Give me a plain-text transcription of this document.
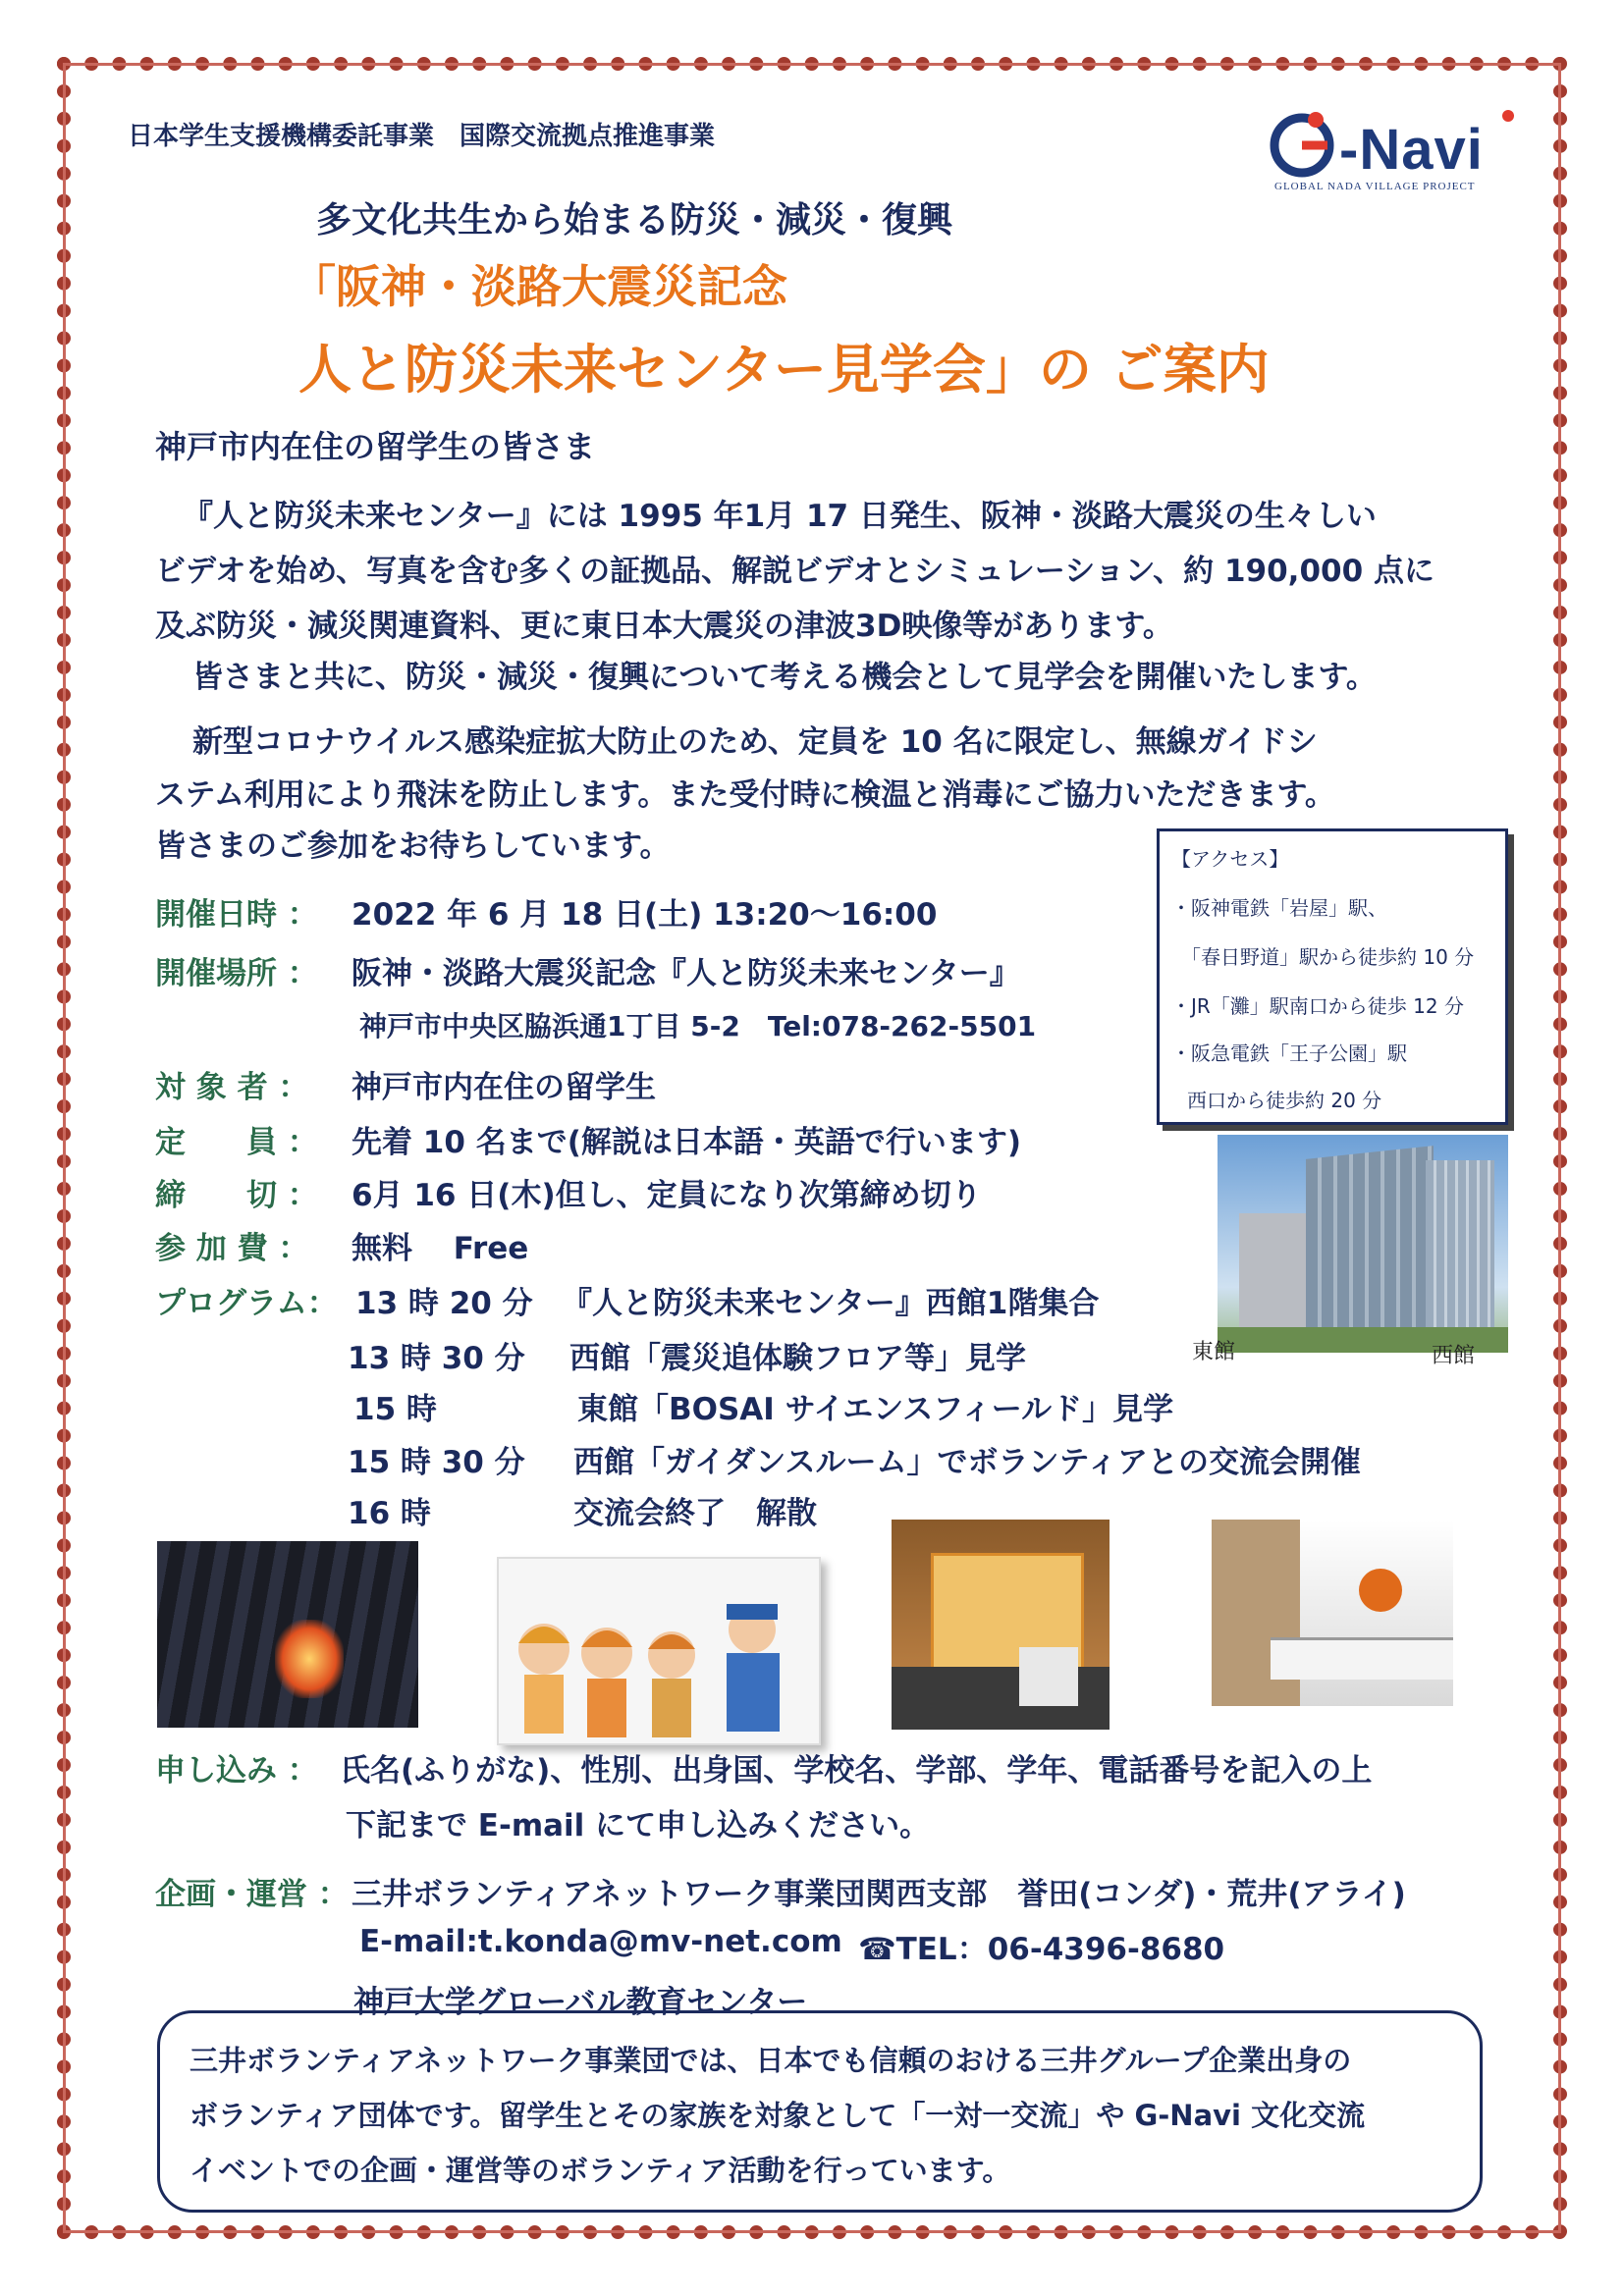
日本学生支援機構委託事業　国際交流拠点推進事業	-Navi
GLOBAL NADA VILLAGE PROJECT
多文化共生から始まる防災・減災・復興
「阪神・淡路大震災記念
人と防災未来センター見学会」の ご案内
神戸市内在住の留学生の皆さま
『人と防災未来センター』には 1995 年1月 17 日発生、阪神・淡路大震災の生々しい
ビデオを始め、写真を含む多くの証拠品、解説ビデオとシミュレーション、約 190,000 点に
及ぶ防災・減災関連資料、更に東日本大震災の津波3D映像等があります。
皆さまと共に、防災・減災・復興について考える機会として見学会を開催いたします。
新型コロナウイルス感染症拡大防止のため、定員を 10 名に限定し、無線ガイドシ
ステム利用により飛沫を防止します。また受付時に検温と消毒にご協力いただきます。
皆さまのご参加をお待ちしています。	【アクセス】
・阪神電鉄「岩屋」駅、
「春日野道」駅から徒歩約 10 分
・JR「灘」駅南口から徒歩 12 分
・阪急電鉄「王子公園」駅
西口から徒歩約 20 分
開催日時 ： 2022 年 6 月 18 日(土) 13:20～16:00
開催場所 ： 阪神・淡路大震災記念『人と防災未来センター』
神戸市中央区脇浜通1丁目 5-2　Tel:078-262-5501
対 象 者 ： 神戸市内在住の留学生
定　　員 ： 先着 10 名まで(解説は日本語・英語で行います)
締　　切 ： 6月 16 日(木)但し、定員になり次第締め切り
参 加 費 ： 無料　 Free
プログラム： 13 時 20 分 『人と防災未来センター』西館1階集合
13 時 30 分 西館「震災追体験フロア等」見学
15 時	東館「BOSAI サイエンスフィールド」見学
15 時 30 分 西館「ガイダンスルーム」でボランティアとの交流会開催
16 時	交流会終了　解散
東館	西館
申し込み ： 氏名(ふりがな)、性別、出身国、学校名、学部、学年、電話番号を記入の上
下記まで E-mail にて申し込みください。
企画・運営 ： 三井ボランティアネットワーク事業団関西支部　誉田(コンダ)・荒井(アライ)
E-mail:t.konda@mv-net.com ☎TEL：06-4396-8680
神戸大学グローバル教育センター
三井ボランティアネットワーク事業団では、日本でも信頼のおける三井グループ企業出身の
ボランティア団体です。留学生とその家族を対象として「一対一交流」や G-Navi 文化交流
イベントでの企画・運営等のボランティア活動を行っています。
